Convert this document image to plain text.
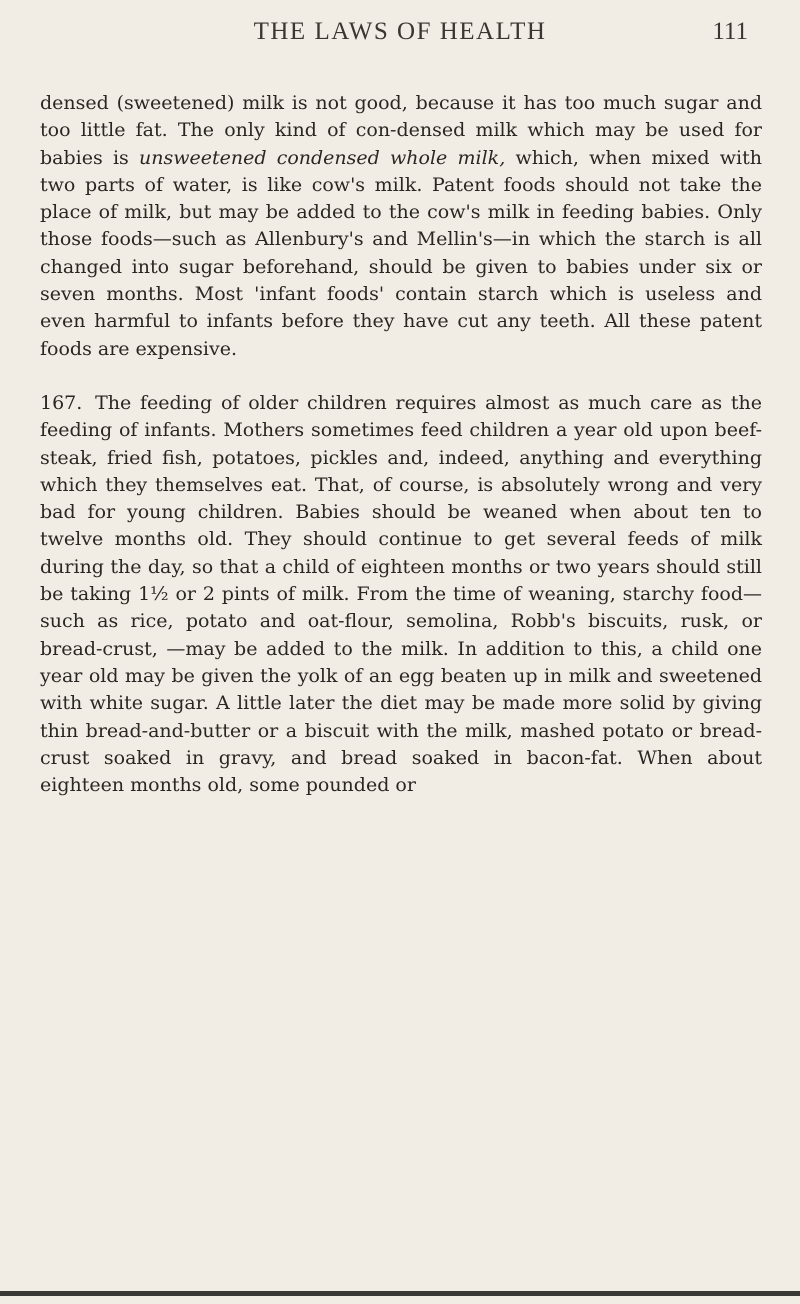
THE LAWS OF HEALTH	111

densed (sweetened) milk is not good, because it has too much sugar and too little fat. The only kind of con-densed milk which may be used for babies is unsweetened condensed whole milk, which, when mixed with two parts of water, is like cow's milk. Patent foods should not take the place of milk, but may be added to the cow's milk in feeding babies. Only those foods—such as Allenbury's and Mellin's—in which the starch is all changed into sugar beforehand, should be given to babies under six or seven months. Most 'infant foods' contain starch which is useless and even harmful to infants before they have cut any teeth. All these patent foods are expensive.

167. The feeding of older children requires almost as much care as the feeding of infants. Mothers sometimes feed children a year old upon beef-steak, fried fish, potatoes, pickles and, indeed, anything and everything which they themselves eat. That, of course, is absolutely wrong and very bad for young children. Babies should be weaned when about ten to twelve months old. They should continue to get several feeds of milk during the day, so that a child of eighteen months or two years should still be taking 1½ or 2 pints of milk. From the time of weaning, starchy food—such as rice, potato and oat-flour, semolina, Robb's biscuits, rusk, or bread-crust, —may be added to the milk. In addition to this, a child one year old may be given the yolk of an egg beaten up in milk and sweetened with white sugar. A little later the diet may be made more solid by giving thin bread-and-butter or a biscuit with the milk, mashed potato or bread-crust soaked in gravy, and bread soaked in bacon-fat. When about eighteen months old, some pounded or
